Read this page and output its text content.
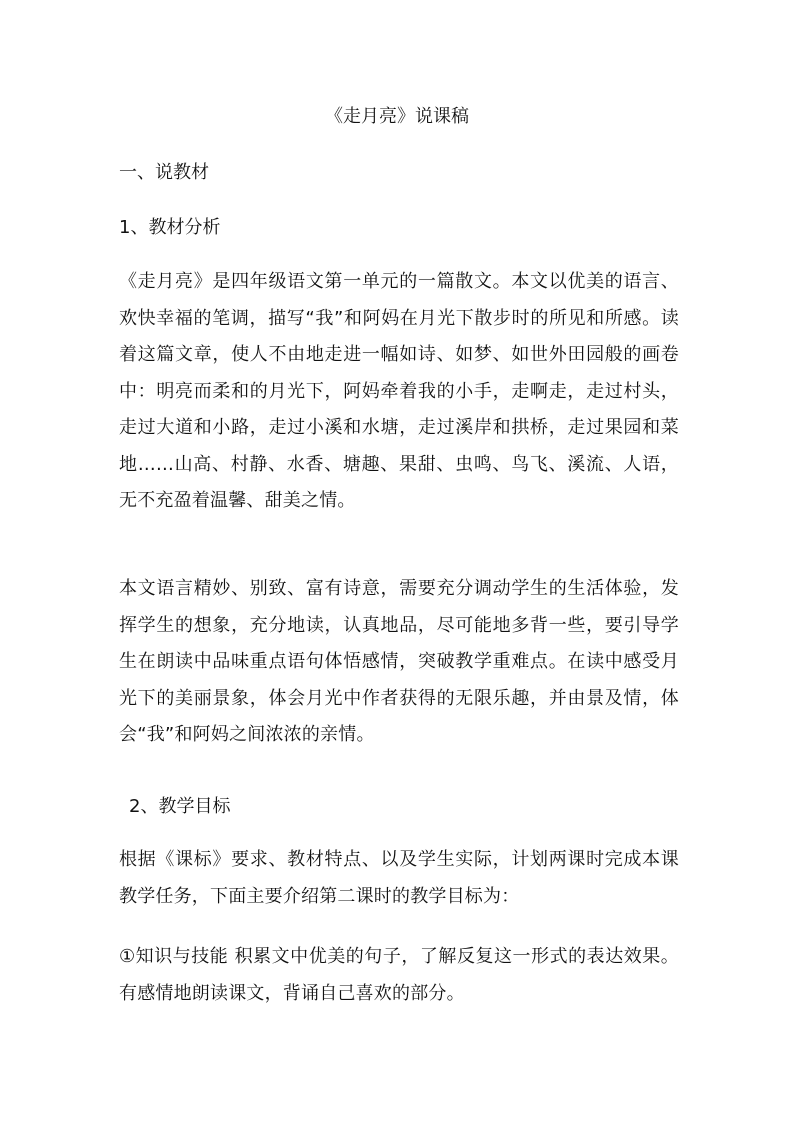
《走月亮》说课稿

一、说教材

1、教材分析

《走月亮》是四年级语文第一单元的一篇散文。本文以优美的语言、欢快幸福的笔调，描写“我”和阿妈在月光下散步时的所见和所感。读着这篇文章，使人不由地走进一幅如诗、如梦、如世外田园般的画卷中：明亮而柔和的月光下，阿妈牵着我的小手，走啊走，走过村头，走过大道和小路，走过小溪和水塘，走过溪岸和拱桥，走过果园和菜地……山高、村静、水香、塘趣、果甜、虫鸣、鸟飞、溪流、人语，无不充盈着温馨、甜美之情。

本文语言精妙、别致、富有诗意，需要充分调动学生的生活体验，发挥学生的想象，充分地读，认真地品，尽可能地多背一些，要引导学生在朗读中品味重点语句体悟感情，突破教学重难点。在读中感受月光下的美丽景象，体会月光中作者获得的无限乐趣，并由景及情，体会“我”和阿妈之间浓浓的亲情。

2、教学目标

根据《课标》要求、教材特点、以及学生实际，计划两课时完成本课教学任务，下面主要介绍第二课时的教学目标为：

①知识与技能 积累文中优美的句子，了解反复这一形式的表达效果。有感情地朗读课文，背诵自己喜欢的部分。
